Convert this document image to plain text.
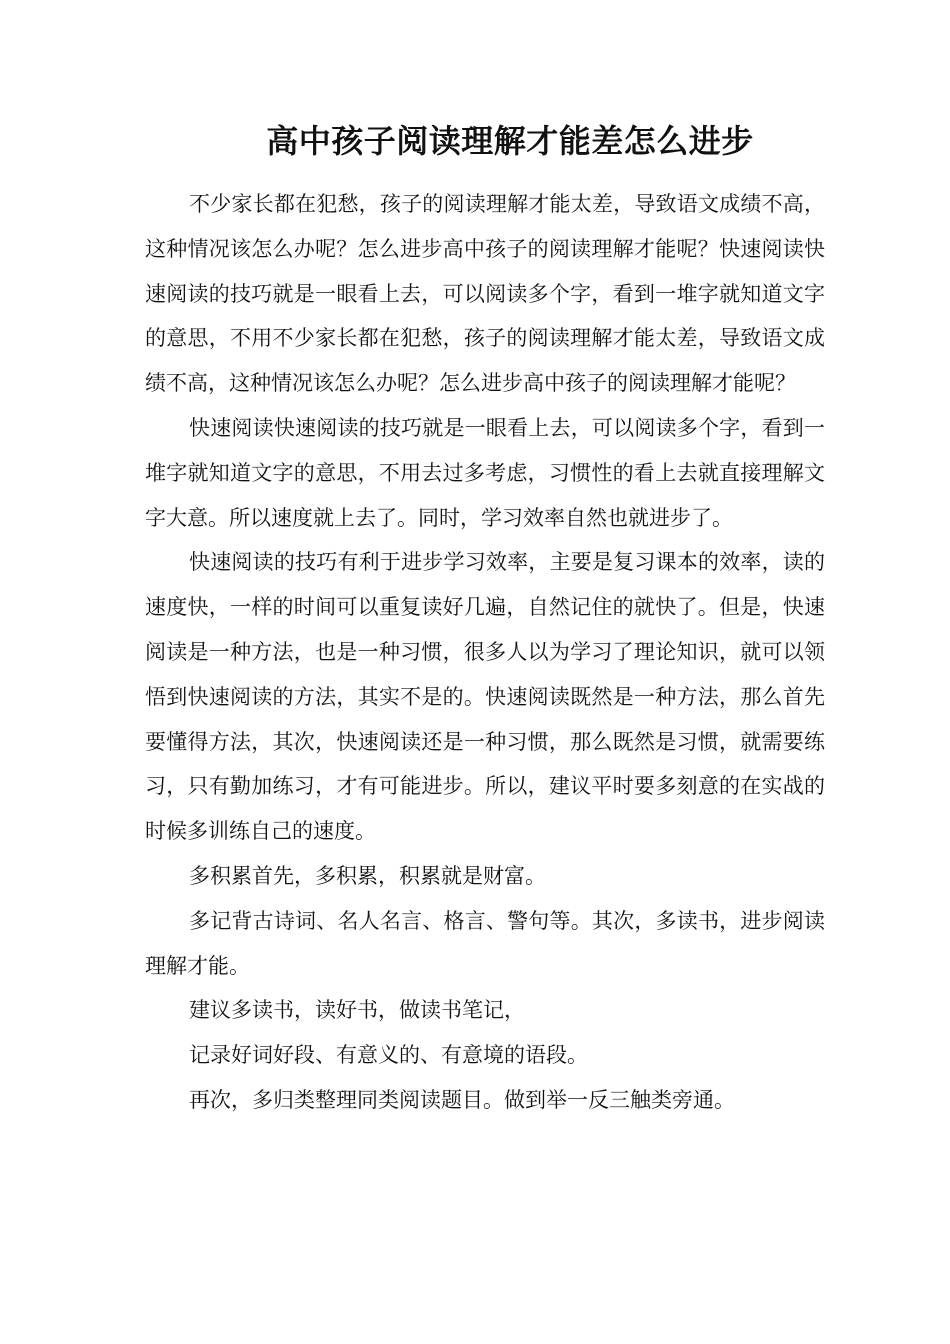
高中孩子阅读理解才能差怎么进步

不少家长都在犯愁，孩子的阅读理解才能太差，导致语文成绩不高，这种情况该怎么办呢？怎么进步高中孩子的阅读理解才能呢？快速阅读快速阅读的技巧就是一眼看上去，可以阅读多个字，看到一堆字就知道文字的意思，不用不少家长都在犯愁，孩子的阅读理解才能太差，导致语文成绩不高，这种情况该怎么办呢？怎么进步高中孩子的阅读理解才能呢？

快速阅读快速阅读的技巧就是一眼看上去，可以阅读多个字，看到一堆字就知道文字的意思，不用去过多考虑，习惯性的看上去就直接理解文字大意。所以速度就上去了。同时，学习效率自然也就进步了。

快速阅读的技巧有利于进步学习效率，主要是复习课本的效率，读的速度快，一样的时间可以重复读好几遍，自然记住的就快了。但是，快速阅读是一种方法，也是一种习惯，很多人以为学习了理论知识，就可以领悟到快速阅读的方法，其实不是的。快速阅读既然是一种方法，那么首先要懂得方法，其次，快速阅读还是一种习惯，那么既然是习惯，就需要练习，只有勤加练习，才有可能进步。所以，建议平时要多刻意的在实战的时候多训练自己的速度。

多积累首先，多积累，积累就是财富。

多记背古诗词、名人名言、格言、警句等。其次，多读书，进步阅读理解才能。

建议多读书，读好书，做读书笔记，

记录好词好段、有意义的、有意境的语段。

再次，多归类整理同类阅读题目。做到举一反三触类旁通。
